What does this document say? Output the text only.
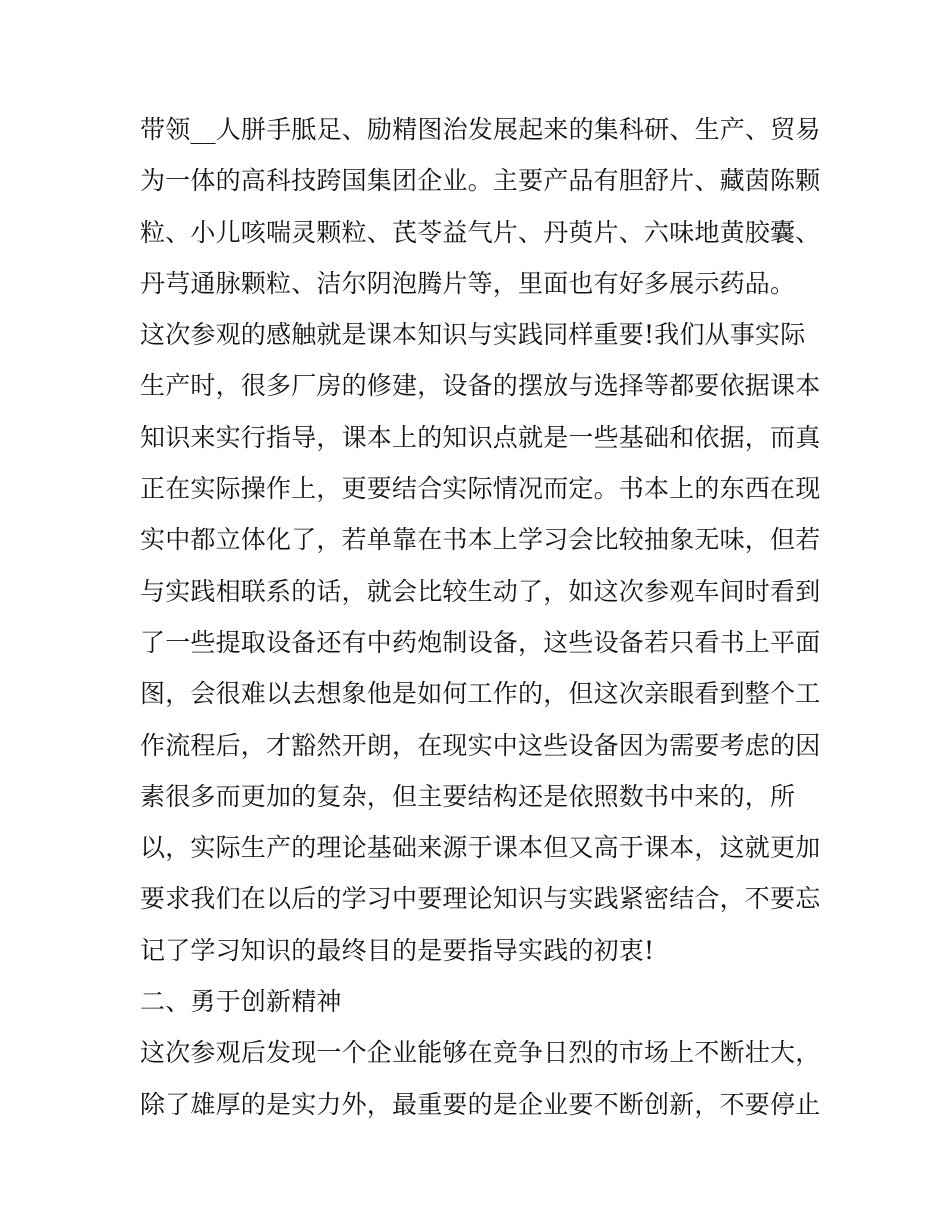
带领__人胼手胝足、励精图治发展起来的集科研、生产、贸易
为一体的高科技跨国集团企业。主要产品有胆舒片、藏茵陈颗
粒、小儿咳喘灵颗粒、芪苓益气片、丹萸片、六味地黄胶囊、
丹芎通脉颗粒、洁尔阴泡腾片等，里面也有好多展示药品。
这次参观的感触就是课本知识与实践同样重要!我们从事实际
生产时，很多厂房的修建，设备的摆放与选择等都要依据课本
知识来实行指导，课本上的知识点就是一些基础和依据，而真
正在实际操作上，更要结合实际情况而定。书本上的东西在现
实中都立体化了，若单靠在书本上学习会比较抽象无味，但若
与实践相联系的话，就会比较生动了，如这次参观车间时看到
了一些提取设备还有中药炮制设备，这些设备若只看书上平面
图，会很难以去想象他是如何工作的，但这次亲眼看到整个工
作流程后，才豁然开朗，在现实中这些设备因为需要考虑的因
素很多而更加的复杂，但主要结构还是依照数书中来的，所
以，实际生产的理论基础来源于课本但又高于课本，这就更加
要求我们在以后的学习中要理论知识与实践紧密结合，不要忘
记了学习知识的最终目的是要指导实践的初衷!
二、勇于创新精神
这次参观后发现一个企业能够在竞争日烈的市场上不断壮大，
除了雄厚的是实力外，最重要的是企业要不断创新，不要停止
